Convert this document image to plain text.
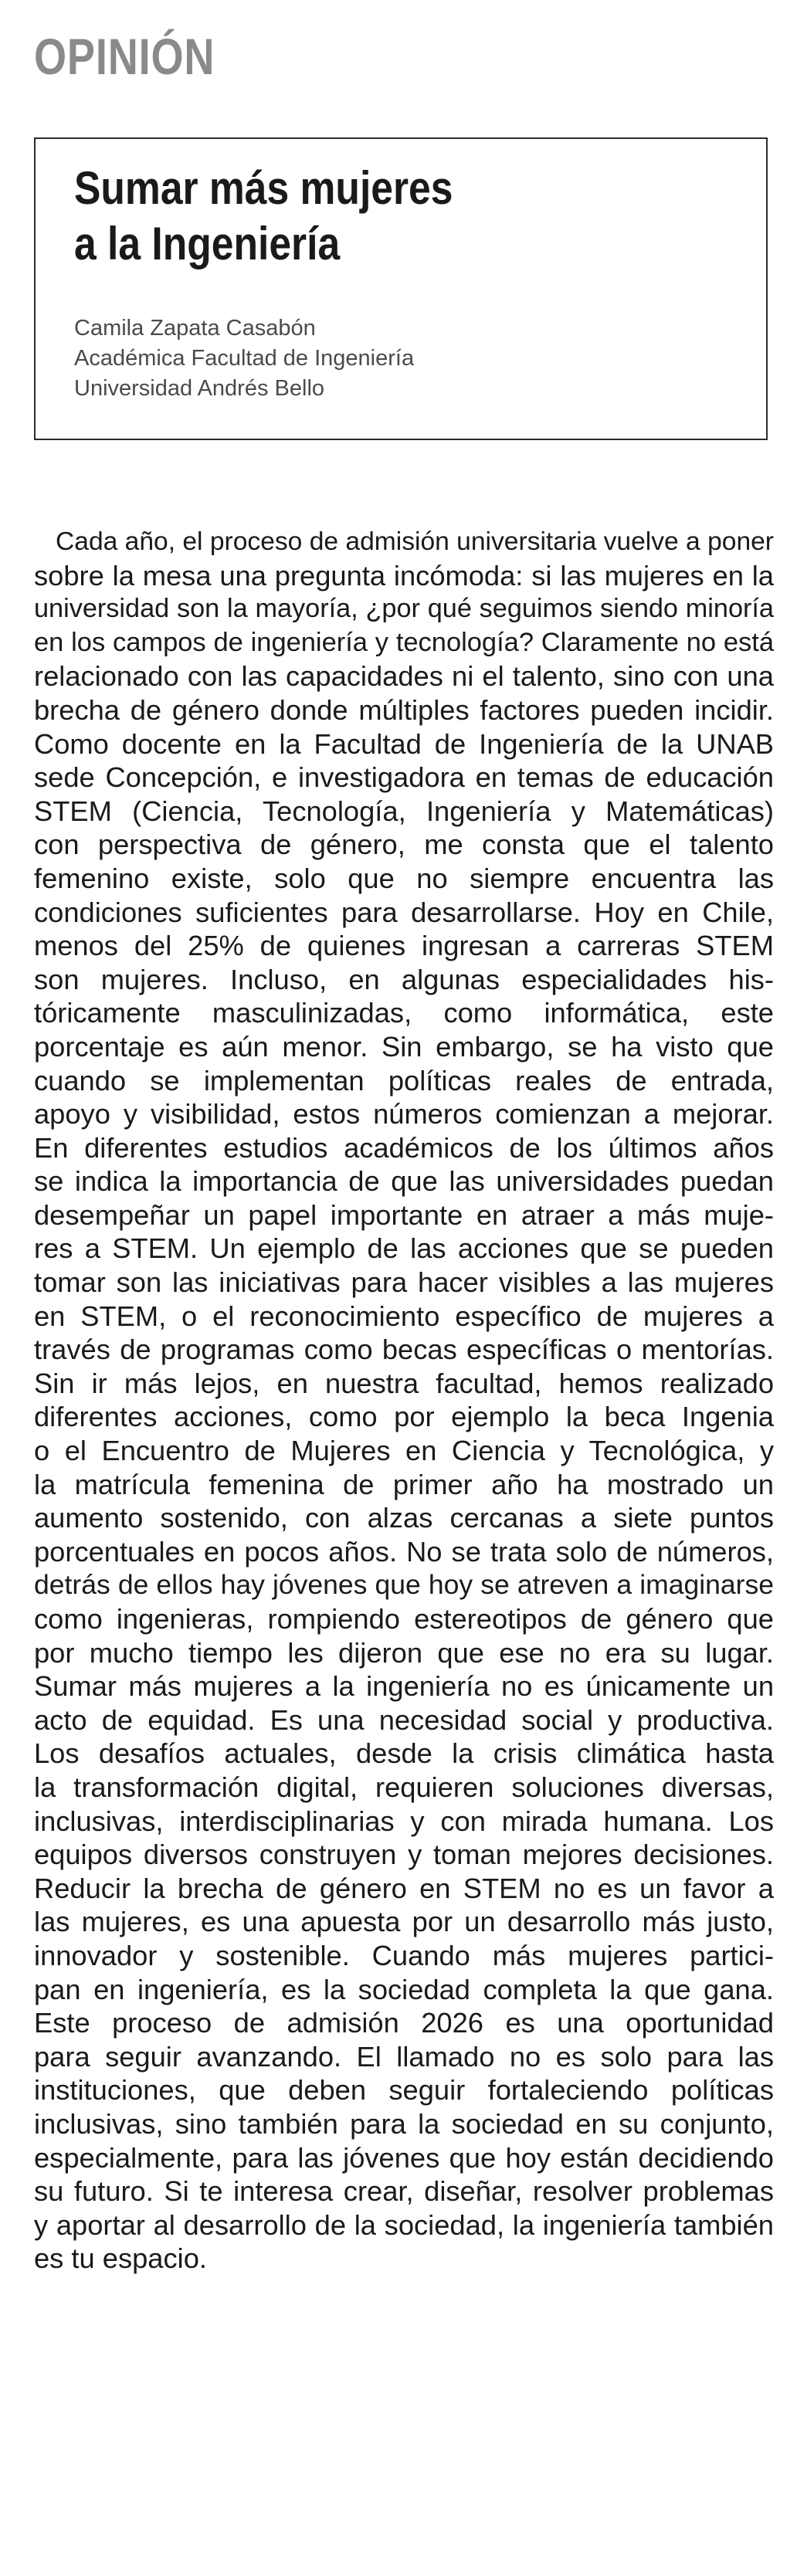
OPINIÓN
Sumar más mujeres
a la Ingeniería
Camila Zapata Casabón
Académica Facultad de Ingeniería
Universidad Andrés Bello
Cada año, el proceso de admisión universitaria vuelve a poner
sobre la mesa una pregunta incómoda: si las mujeres en la
universidad son la mayoría, ¿por qué seguimos siendo minoría
en los campos de ingeniería y tecnología? Claramente no está
relacionado con las capacidades ni el talento, sino con una
brecha de género donde múltiples factores pueden incidir.
Como docente en la Facultad de Ingeniería de la UNAB
sede Concepción, e investigadora en temas de educación
STEM (Ciencia, Tecnología, Ingeniería y Matemáticas)
con perspectiva de género, me consta que el talento
femenino existe, solo que no siempre encuentra las
condiciones suficientes para desarrollarse. Hoy en Chile,
menos del 25% de quienes ingresan a carreras STEM
son mujeres. Incluso, en algunas especialidades his-
tóricamente masculinizadas, como informática, este
porcentaje es aún menor. Sin embargo, se ha visto que
cuando se implementan políticas reales de entrada,
apoyo y visibilidad, estos números comienzan a mejorar.
En diferentes estudios académicos de los últimos años
se indica la importancia de que las universidades puedan
desempeñar un papel importante en atraer a más muje-
res a STEM. Un ejemplo de las acciones que se pueden
tomar son las iniciativas para hacer visibles a las mujeres
en STEM, o el reconocimiento específico de mujeres a
través de programas como becas específicas o mentorías.
Sin ir más lejos, en nuestra facultad, hemos realizado
diferentes acciones, como por ejemplo la beca Ingenia
o el Encuentro de Mujeres en Ciencia y Tecnológica, y
la matrícula femenina de primer año ha mostrado un
aumento sostenido, con alzas cercanas a siete puntos
porcentuales en pocos años. No se trata solo de números,
detrás de ellos hay jóvenes que hoy se atreven a imaginarse
como ingenieras, rompiendo estereotipos de género que
por mucho tiempo les dijeron que ese no era su lugar.
Sumar más mujeres a la ingeniería no es únicamente un
acto de equidad. Es una necesidad social y productiva.
Los desafíos actuales, desde la crisis climática hasta
la transformación digital, requieren soluciones diversas,
inclusivas, interdisciplinarias y con mirada humana. Los
equipos diversos construyen y toman mejores decisiones.
Reducir la brecha de género en STEM no es un favor a
las mujeres, es una apuesta por un desarrollo más justo,
innovador y sostenible. Cuando más mujeres partici-
pan en ingeniería, es la sociedad completa la que gana.
Este proceso de admisión 2026 es una oportunidad
para seguir avanzando. El llamado no es solo para las
instituciones, que deben seguir fortaleciendo políticas
inclusivas, sino también para la sociedad en su conjunto,
especialmente, para las jóvenes que hoy están decidiendo
su futuro. Si te interesa crear, diseñar, resolver problemas
y aportar al desarrollo de la sociedad, la ingeniería también
es tu espacio.
